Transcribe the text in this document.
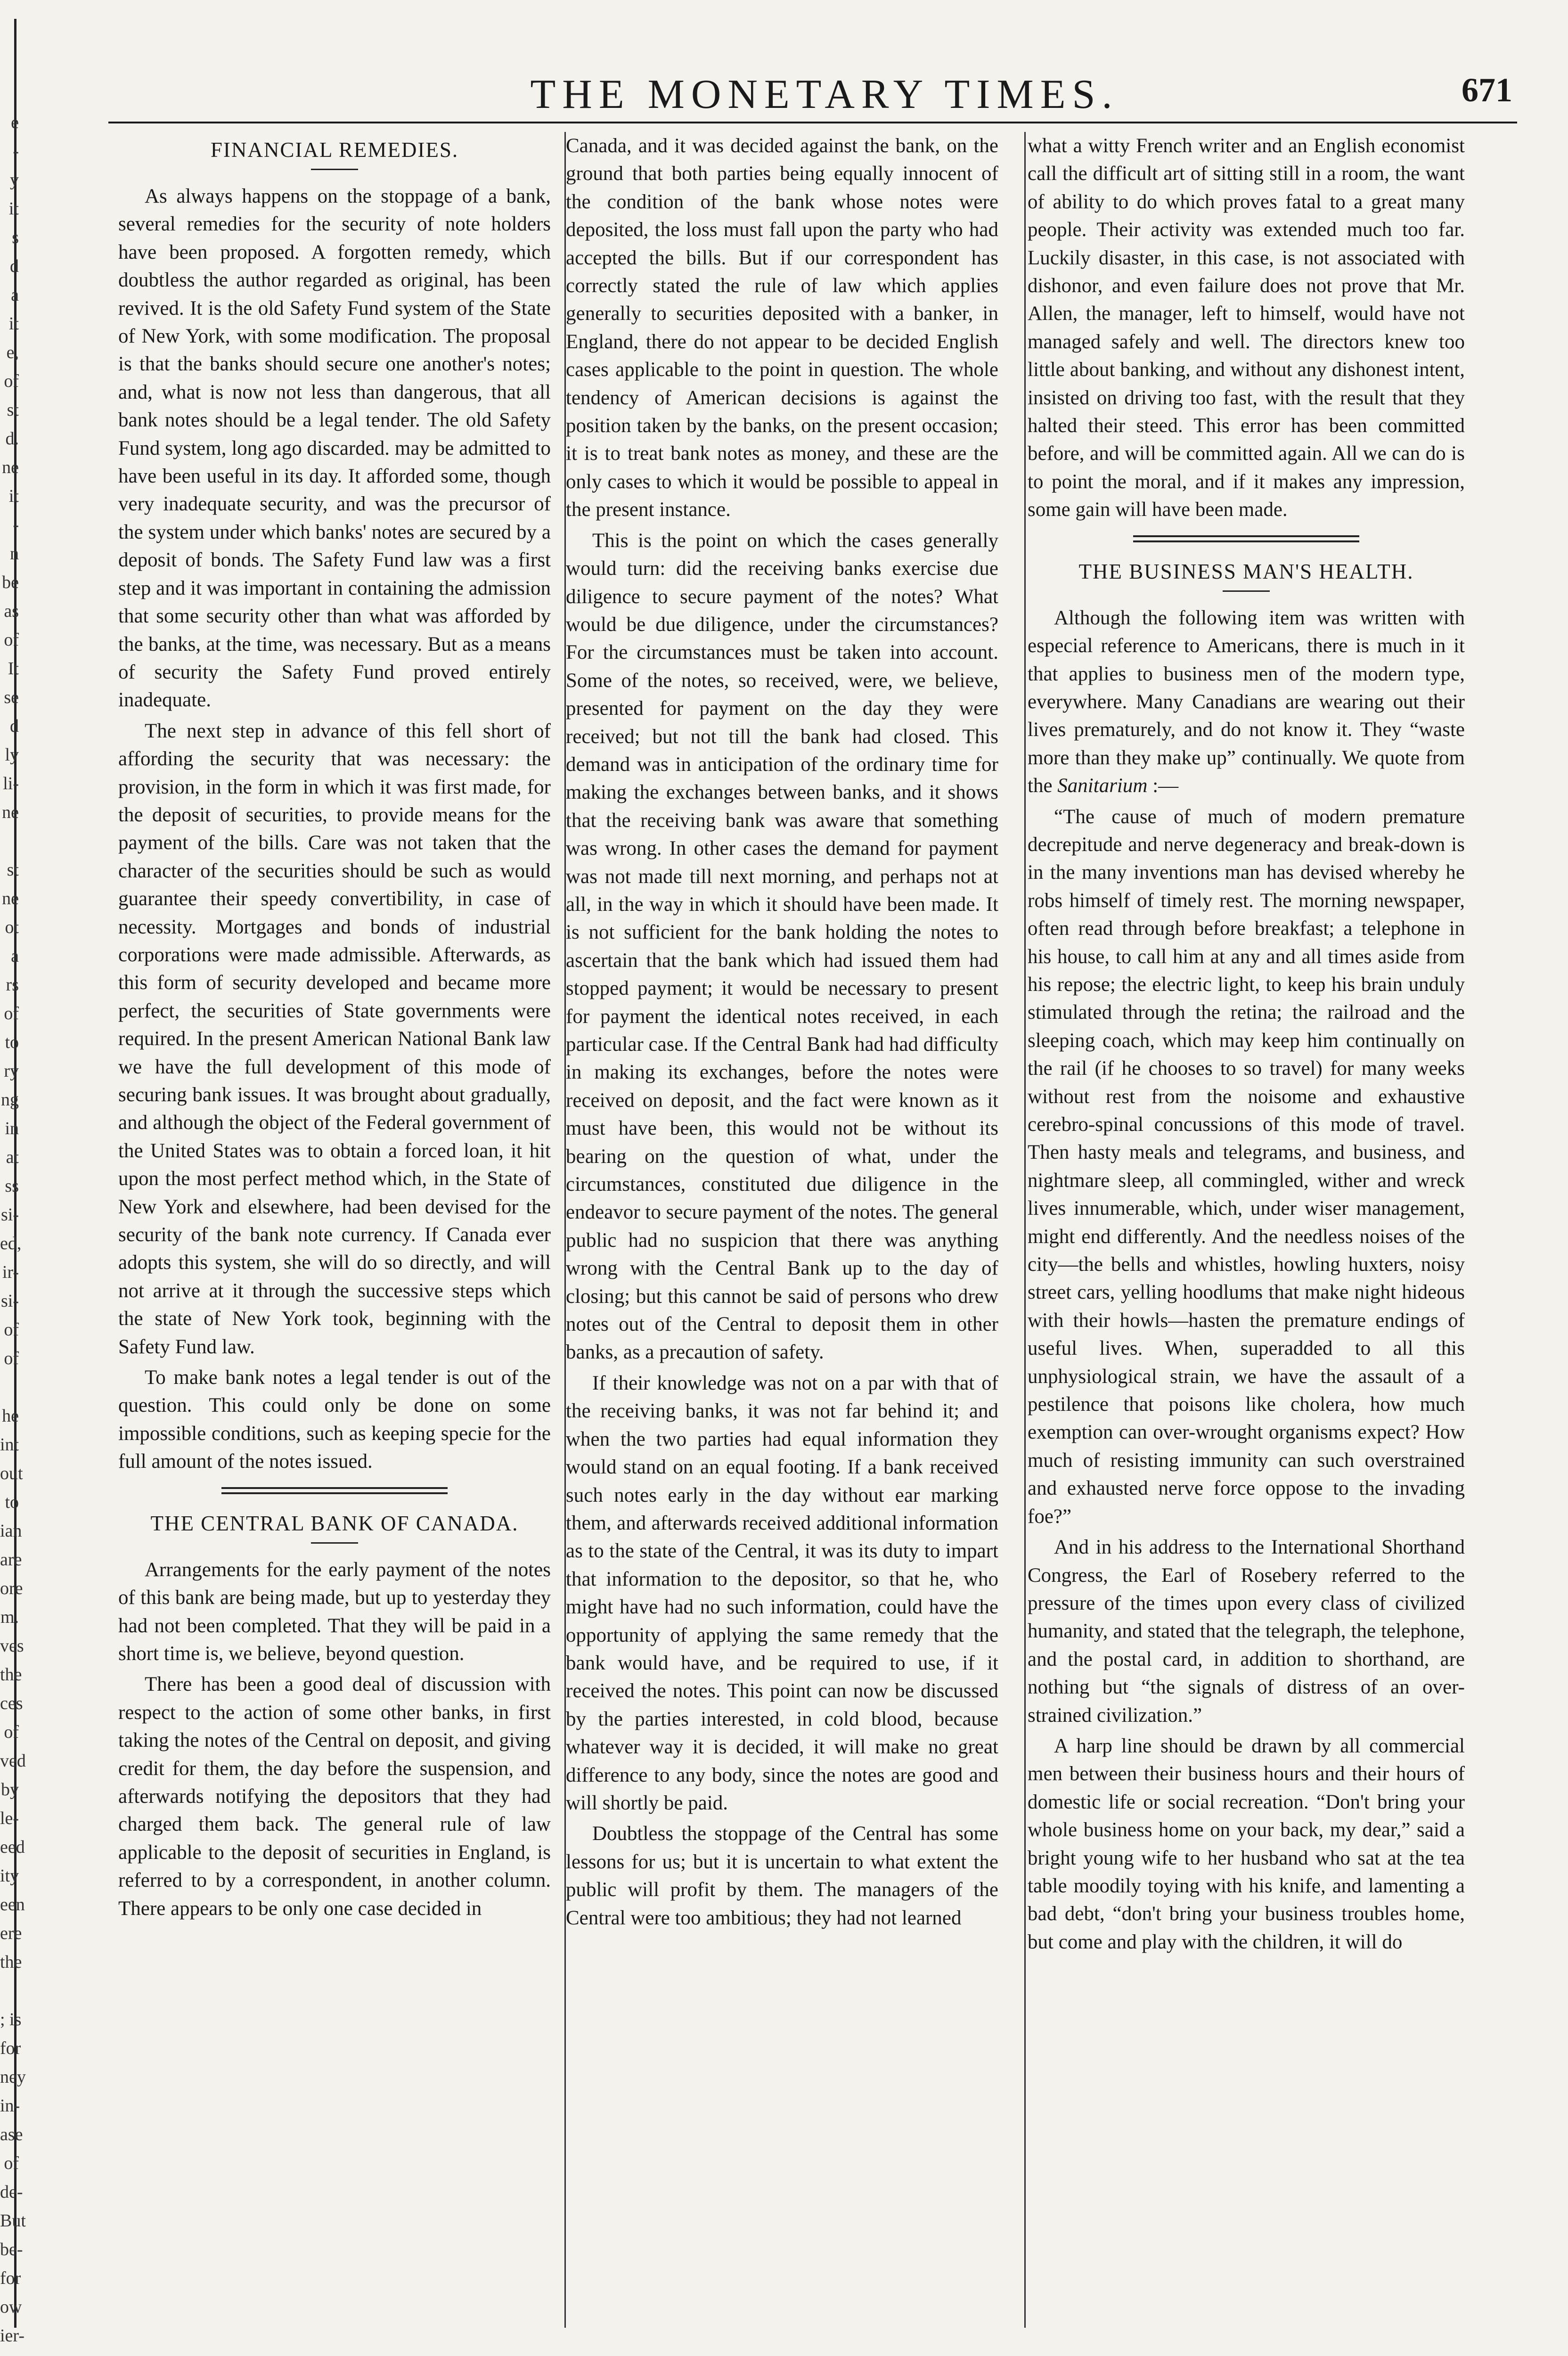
e
-
y
it
s
d
a
it
e,
of
st
d.
ne
it
-
n
be
as
of
It
se
d
ly
li-
ne

st
ne
ot
a
rs
of
to
ry
ng
in
at
ss
si-
ed,
ir-
si-
of
of

he
int
out
to
ian
are
ore
m.
ves
the
ces
of
ved
by
le-
eed
ity
een
ere
the

; is
for
ney
in-
ase
of
de-
But
be-
for
ow
ier-
THE MONETARY TIMES.	671
FINANCIAL REMEDIES.

As always happens on the stoppage of a bank, several remedies for the security of note holders have been proposed. A forgotten remedy, which doubtless the author regarded as original, has been revived. It is the old Safety Fund system of the State of New York, with some modification. The proposal is that the banks should secure one another's notes; and, what is now not less than dangerous, that all bank notes should be a legal tender. The old Safety Fund system, long ago discarded. may be admitted to have been useful in its day. It afforded some, though very inadequate security, and was the precursor of the system under which banks' notes are secured by a deposit of bonds. The Safety Fund law was a first step and it was important in containing the admission that some security other than what was afforded by the banks, at the time, was necessary. But as a means of security the Safety Fund proved entirely inadequate.

The next step in advance of this fell short of affording the security that was necessary: the provision, in the form in which it was first made, for the deposit of securities, to provide means for the payment of the bills. Care was not taken that the character of the securities should be such as would guarantee their speedy convertibility, in case of necessity. Mortgages and bonds of industrial corporations were made admissible. Afterwards, as this form of security developed and became more perfect, the securities of State governments were required. In the present American National Bank law we have the full development of this mode of securing bank issues. It was brought about gradually, and although the object of the Federal government of the United States was to obtain a forced loan, it hit upon the most perfect method which, in the State of New York and elsewhere, had been devised for the security of the bank note currency. If Canada ever adopts this system, she will do so directly, and will not arrive at it through the successive steps which the state of New York took, beginning with the Safety Fund law.

To make bank notes a legal tender is out of the question. This could only be done on some impossible conditions, such as keeping specie for the full amount of the notes issued.

THE CENTRAL BANK OF CANADA.

Arrangements for the early payment of the notes of this bank are being made, but up to yesterday they had not been completed. That they will be paid in a short time is, we believe, beyond question.

There has been a good deal of discussion with respect to the action of some other banks, in first taking the notes of the Central on deposit, and giving credit for them, the day before the suspension, and afterwards notifying the depositors that they had charged them back. The general rule of law applicable to the deposit of securities in England, is referred to by a correspondent, in another column. There appears to be only one case decided in

Canada, and it was decided against the bank, on the ground that both parties being equally innocent of the condition of the bank whose notes were deposited, the loss must fall upon the party who had accepted the bills. But if our correspondent has correctly stated the rule of law which applies generally to securities deposited with a banker, in England, there do not appear to be decided English cases applicable to the point in question. The whole tendency of American decisions is against the position taken by the banks, on the present occasion; it is to treat bank notes as money, and these are the only cases to which it would be possible to appeal in the present instance.

This is the point on which the cases generally would turn: did the receiving banks exercise due diligence to secure payment of the notes? What would be due diligence, under the circumstances? For the circumstances must be taken into account. Some of the notes, so received, were, we believe, presented for payment on the day they were received; but not till the bank had closed. This demand was in anticipation of the ordinary time for making the exchanges between banks, and it shows that the receiving bank was aware that something was wrong. In other cases the demand for payment was not made till next morning, and perhaps not at all, in the way in which it should have been made. It is not sufficient for the bank holding the notes to ascertain that the bank which had issued them had stopped payment; it would be necessary to present for payment the identical notes received, in each particular case. If the Central Bank had had difficulty in making its exchanges, before the notes were received on deposit, and the fact were known as it must have been, this would not be without its bearing on the question of what, under the circumstances, constituted due diligence in the endeavor to secure payment of the notes. The general public had no suspicion that there was anything wrong with the Central Bank up to the day of closing; but this cannot be said of persons who drew notes out of the Central to deposit them in other banks, as a precaution of safety.

If their knowledge was not on a par with that of the receiving banks, it was not far behind it; and when the two parties had equal information they would stand on an equal footing. If a bank received such notes early in the day without ear marking them, and afterwards received additional information as to the state of the Central, it was its duty to impart that information to the depositor, so that he, who might have had no such information, could have the opportunity of applying the same remedy that the bank would have, and be required to use, if it received the notes. This point can now be discussed by the parties interested, in cold blood, because whatever way it is decided, it will make no great difference to any body, since the notes are good and will shortly be paid.

Doubtless the stoppage of the Central has some lessons for us; but it is uncertain to what extent the public will profit by them. The managers of the Central were too ambitious; they had not learned

what a witty French writer and an English economist call the difficult art of sitting still in a room, the want of ability to do which proves fatal to a great many people. Their activity was extended much too far. Luckily disaster, in this case, is not associated with dishonor, and even failure does not prove that Mr. Allen, the manager, left to himself, would have not managed safely and well. The directors knew too little about banking, and without any dishonest intent, insisted on driving too fast, with the result that they halted their steed. This error has been committed before, and will be committed again. All we can do is to point the moral, and if it makes any impression, some gain will have been made.

THE BUSINESS MAN'S HEALTH.

Although the following item was written with especial reference to Americans, there is much in it that applies to business men of the modern type, everywhere. Many Canadians are wearing out their lives prematurely, and do not know it. They “waste more than they make up” continually. We quote from the Sanitarium :—

“The cause of much of modern premature decrepitude and nerve degeneracy and break-down is in the many inventions man has devised whereby he robs himself of timely rest. The morning newspaper, often read through before breakfast; a telephone in his house, to call him at any and all times aside from his repose; the electric light, to keep his brain unduly stimulated through the retina; the railroad and the sleeping coach, which may keep him continually on the rail (if he chooses to so travel) for many weeks without rest from the noisome and exhaustive cerebro-spinal concussions of this mode of travel. Then hasty meals and telegrams, and business, and nightmare sleep, all commingled, wither and wreck lives innumerable, which, under wiser management, might end differently. And the needless noises of the city—the bells and whistles, howling huxters, noisy street cars, yelling hoodlums that make night hideous with their howls—hasten the premature endings of useful lives. When, superadded to all this unphysiological strain, we have the assault of a pestilence that poisons like cholera, how much exemption can over-wrought organisms expect? How much of resisting immunity can such overstrained and exhausted nerve force oppose to the invading foe?”

And in his address to the International Shorthand Congress, the Earl of Rosebery referred to the pressure of the times upon every class of civilized humanity, and stated that the telegraph, the telephone, and the postal card, in addition to shorthand, are nothing but “the signals of distress of an over-strained civilization.”

A harp line should be drawn by all commercial men between their business hours and their hours of domestic life or social recreation. “Don't bring your whole business home on your back, my dear,” said a bright young wife to her husband who sat at the tea table moodily toying with his knife, and lamenting a bad debt, “don't bring your business troubles home, but come and play with the children, it will do
